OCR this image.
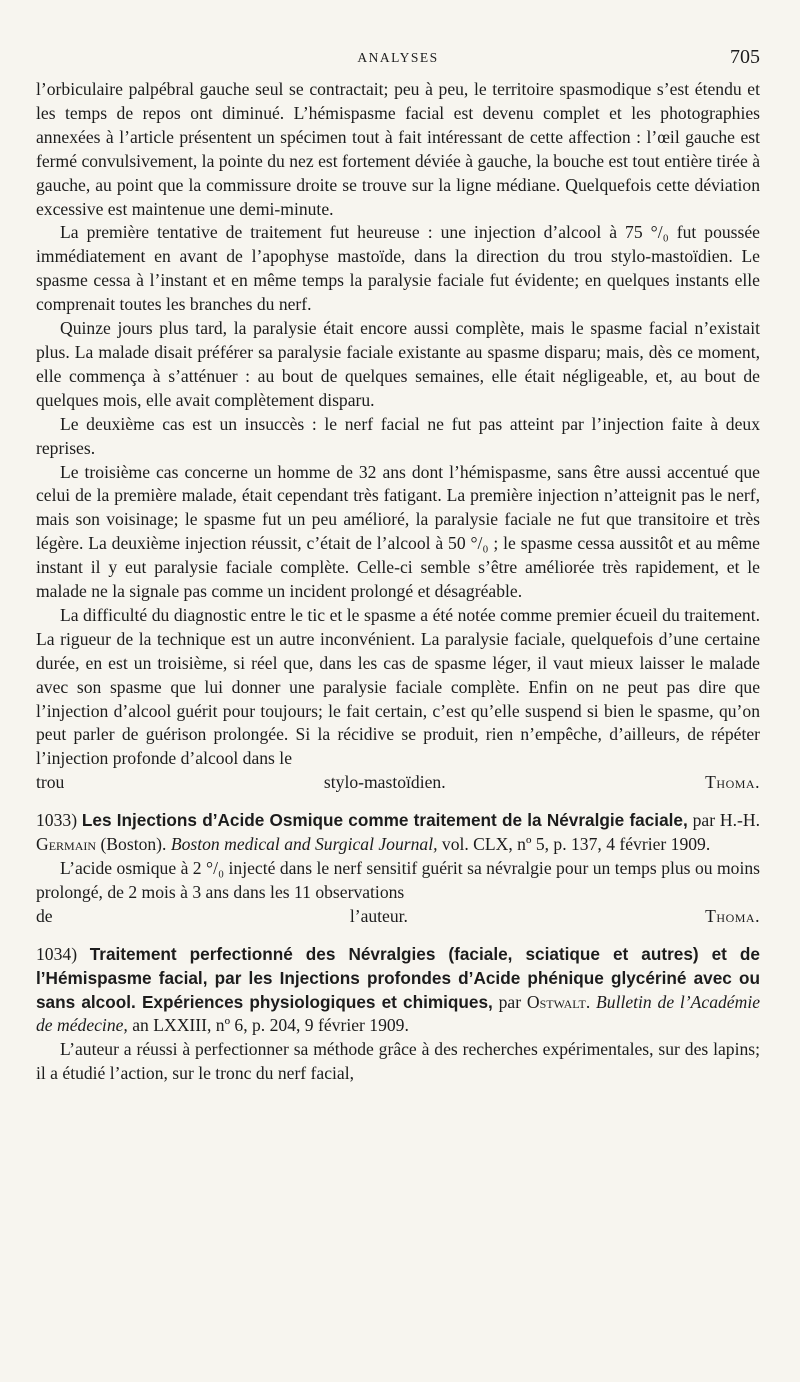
ANALYSES	705

l’orbiculaire palpébral gauche seul se contractait; peu à peu, le territoire spasmodique s’est étendu et les temps de repos ont diminué. L’hémispasme facial est devenu complet et les photographies annexées à l’article présentent un spécimen tout à fait intéressant de cette affection : l’œil gauche est fermé convulsivement, la pointe du nez est fortement déviée à gauche, la bouche est tout entière tirée à gauche, au point que la commissure droite se trouve sur la ligne médiane. Quelquefois cette déviation excessive est maintenue une demi-minute.

La première tentative de traitement fut heureuse : une injection d’alcool à 75 °/₀ fut poussée immédiatement en avant de l’apophyse mastoïde, dans la direction du trou stylo-mastoïdien. Le spasme cessa à l’instant et en même temps la paralysie faciale fut évidente; en quelques instants elle comprenait toutes les branches du nerf.

Quinze jours plus tard, la paralysie était encore aussi complète, mais le spasme facial n’existait plus. La malade disait préférer sa paralysie faciale existante au spasme disparu; mais, dès ce moment, elle commença à s’atténuer : au bout de quelques semaines, elle était négligeable, et, au bout de quelques mois, elle avait complètement disparu.

Le deuxième cas est un insuccès : le nerf facial ne fut pas atteint par l’injection faite à deux reprises.

Le troisième cas concerne un homme de 32 ans dont l’hémispasme, sans être aussi accentué que celui de la première malade, était cependant très fatigant. La première injection n’atteignit pas le nerf, mais son voisinage; le spasme fut un peu amélioré, la paralysie faciale ne fut que transitoire et très légère. La deuxième injection réussit, c’était de l’alcool à 50 °/₀ ; le spasme cessa aussitôt et au même instant il y eut paralysie faciale complète. Celle-ci semble s’être améliorée très rapidement, et le malade ne la signale pas comme un incident prolongé et désagréable.

La difficulté du diagnostic entre le tic et le spasme a été notée comme premier écueil du traitement. La rigueur de la technique est un autre inconvénient. La paralysie faciale, quelquefois d’une certaine durée, en est un troisième, si réel que, dans les cas de spasme léger, il vaut mieux laisser le malade avec son spasme que lui donner une paralysie faciale complète. Enfin on ne peut pas dire que l’injection d’alcool guérit pour toujours; le fait certain, c’est qu’elle suspend si bien le spasme, qu’on peut parler de guérison prolongée. Si la récidive se produit, rien n’empêche, d’ailleurs, de répéter l’injection profonde d’alcool dans le

trou stylo-mastoïdien.	Thoma.

1033) Les Injections d’Acide Osmique comme traitement de la Névralgie faciale, par H.-H. Germain (Boston). Boston medical and Surgical Journal, vol. CLX, nº 5, p. 137, 4 février 1909.

L’acide osmique à 2 °/₀ injecté dans le nerf sensitif guérit sa névralgie pour un temps plus ou moins prolongé, de 2 mois à 3 ans dans les 11 observations

de l’auteur.	Thoma.

1034) Traitement perfectionné des Névralgies (faciale, sciatique et autres) et de l’Hémispasme facial, par les Injections profondes d’Acide phénique glycériné avec ou sans alcool. Expériences physiologiques et chimiques, par Ostwalt. Bulletin de l’Académie de médecine, an LXXIII, nº 6, p. 204, 9 février 1909.

L’auteur a réussi à perfectionner sa méthode grâce à des recherches expérimentales, sur des lapins; il a étudié l’action, sur le tronc du nerf facial,
